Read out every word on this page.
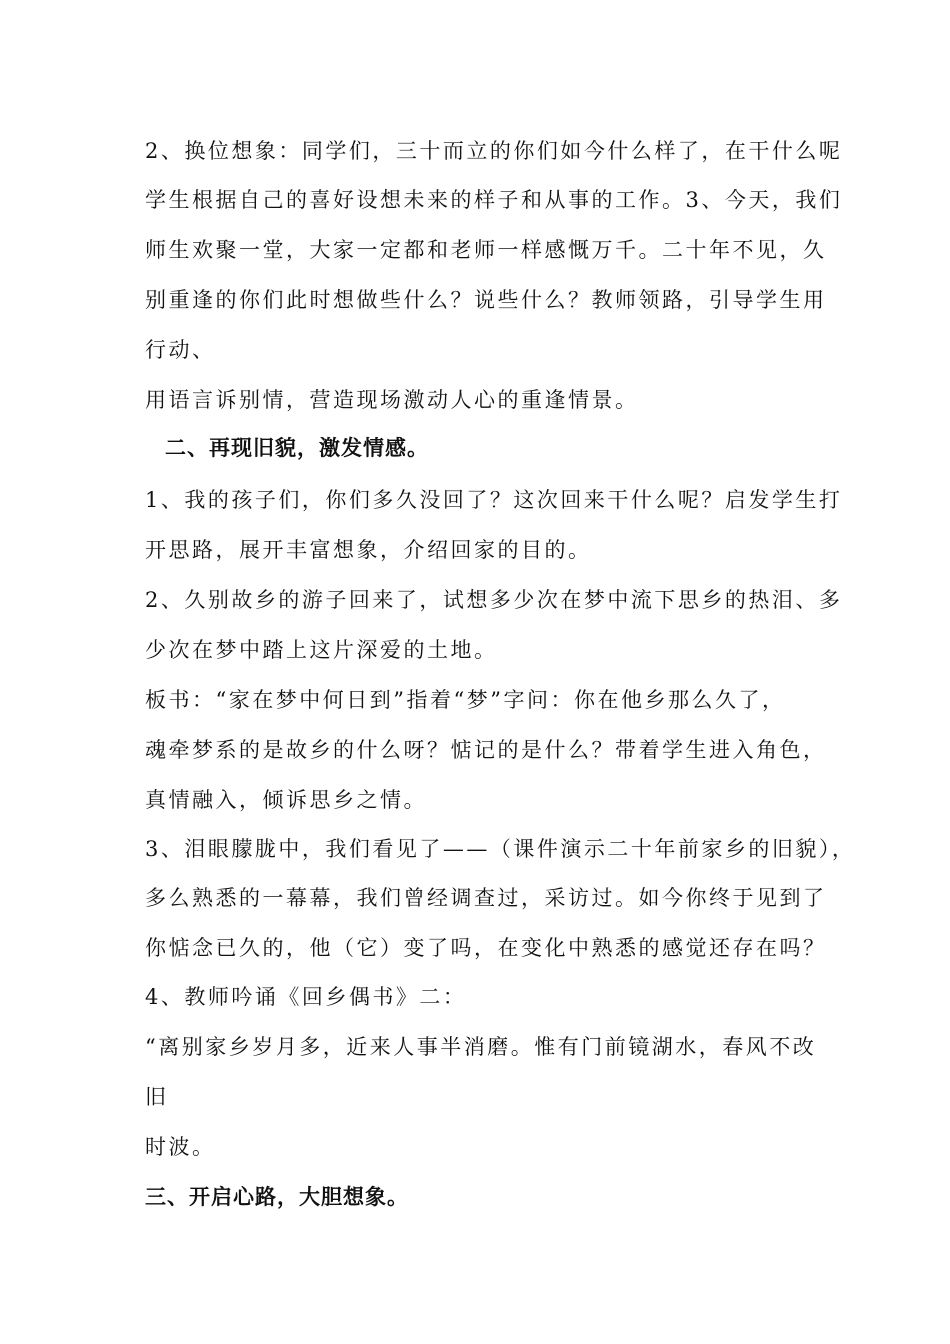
2、换位想象：同学们，三十而立的你们如今什么样了，在干什么呢

学生根据自己的喜好设想未来的样子和从事的工作。3、今天，我们

师生欢聚一堂，大家一定都和老师一样感慨万千。二十年不见，久

别重逢的你们此时想做些什么？说些什么？教师领路，引导学生用

行动、

用语言诉别情，营造现场激动人心的重逢情景。

二、再现旧貌，激发情感。

1、我的孩子们，你们多久没回了？这次回来干什么呢？启发学生打

开思路，展开丰富想象，介绍回家的目的。

2、久别故乡的游子回来了，试想多少次在梦中流下思乡的热泪、多

少次在梦中踏上这片深爱的土地。

板书：“家在梦中何日到”指着“梦”字问：你在他乡那么久了，

魂牵梦系的是故乡的什么呀？惦记的是什么？带着学生进入角色，

真情融入，倾诉思乡之情。

3、泪眼朦胧中，我们看见了——（课件演示二十年前家乡的旧貌），

多么熟悉的一幕幕，我们曾经调查过，采访过。如今你终于见到了

你惦念已久的，他（它）变了吗，在变化中熟悉的感觉还存在吗？

4、教师吟诵《回乡偶书》二：

“离别家乡岁月多，近来人事半消磨。惟有门前镜湖水，春风不改

旧

时波。

三、开启心路，大胆想象。
